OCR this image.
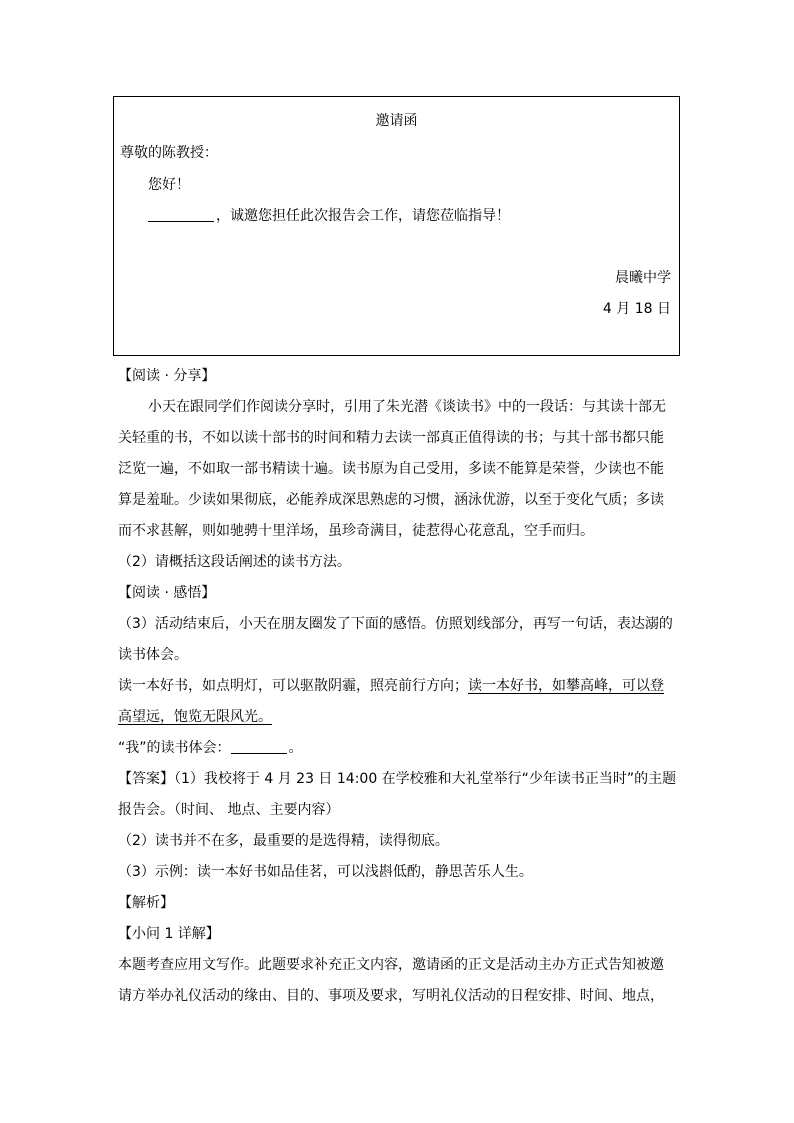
邀请函
尊敬的陈教授：
您好！
，诚邀您担任此次报告会工作，请您莅临指导！
晨曦中学
4 月 18 日
【阅读 · 分享】
小天在跟同学们作阅读分享时，引用了朱光潜《谈读书》中的一段话：与其读十部无
关轻重的书，不如以读十部书的时间和精力去读一部真正值得读的书；与其十部书都只能
泛览一遍，不如取一部书精读十遍。读书原为自己受用，多读不能算是荣誉，少读也不能
算是羞耻。少读如果彻底，必能养成深思熟虑的习惯，涵泳优游，以至于变化气质；多读
而不求甚解，则如驰骋十里洋场，虽珍奇满目，徒惹得心花意乱，空手而归。
（2）请概括这段话阐述的读书方法。
【阅读 · 感悟】
（3）活动结束后，小天在朋友圈发了下面的感悟。仿照划线部分，再写一句话，表达溺的
读书体会。
读一本好书，如点明灯，可以驱散阴霾，照亮前行方向；读一本好书，如攀高峰，可以登
高望远，饱览无限风光。
“我”的读书体会：	。
【答案】（1）我校将于 4 月 23 日 14:00 在学校雅和大礼堂举行“少年读书正当时”的主题
报告会。（时间、 地点、主要内容）
（2）读书并不在多，最重要的是选得精，读得彻底。
（3）示例：读一本好书如品佳茗，可以浅斟低酌，静思苦乐人生。
【解析】
【小问 1 详解】
本题考查应用文写作。此题要求补充正文内容，邀请函的正文是活动主办方正式告知被邀
请方举办礼仪活动的缘由、目的、事项及要求，写明礼仪活动的日程安排、时间、地点，
